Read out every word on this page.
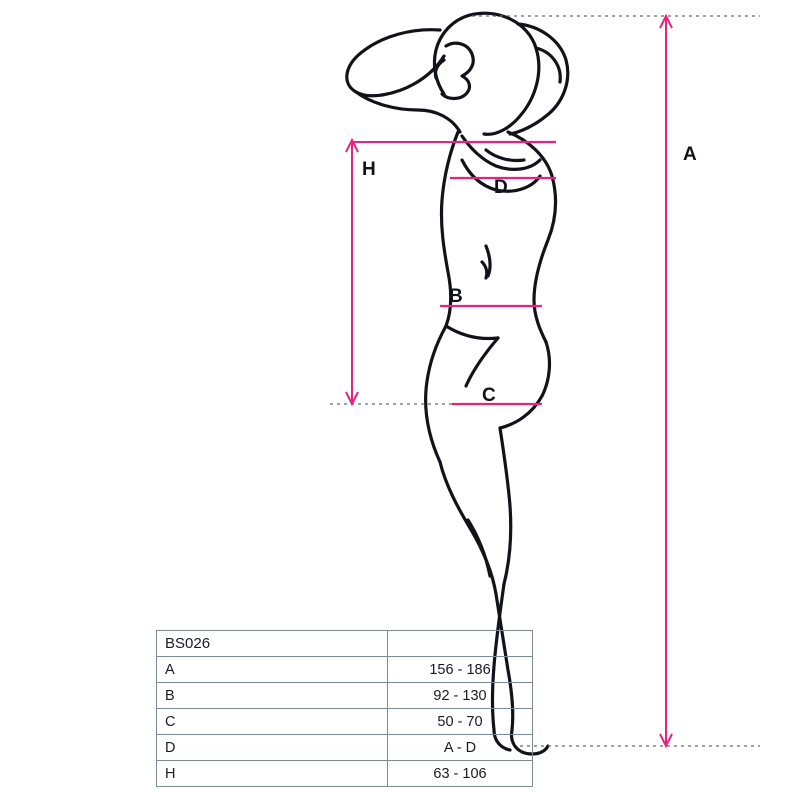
A
H
D
B
C
BS026	
A	156 - 186
B	92 - 130
C	50 - 70
D	A - D
H	63 - 106
